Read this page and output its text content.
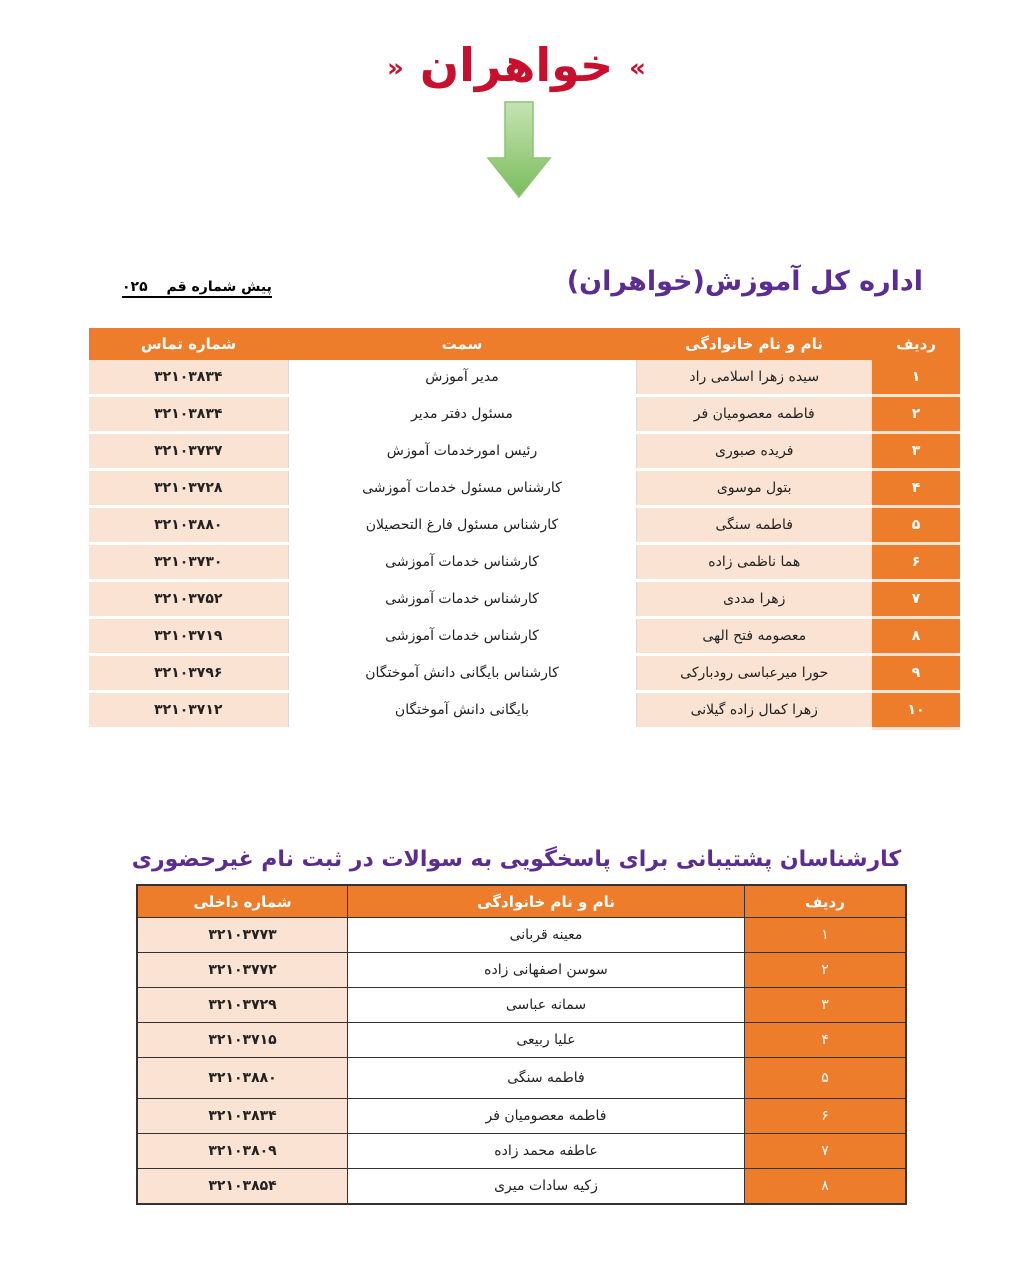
» خواهران «
اداره کل آموزش(خواهران)
پیش شماره قم ۰۲۵
ردیف	نام و نام خانوادگی	سمت	شماره تماس
۱	سیده زهرا اسلامی راد	مدیر آموزش	۳۲۱۰۳۸۳۴
۲	فاطمه معصومیان فر	مسئول دفتر مدیر	۳۲۱۰۳۸۳۴
۳	فریده صبوری	رئیس امورخدمات آموزش	۳۲۱۰۳۷۳۷
۴	بتول موسوی	کارشناس مسئول خدمات آموزشی	۳۲۱۰۳۷۲۸
۵	فاطمه سنگی	کارشناس مسئول فارغ التحصیلان	۳۲۱۰۳۸۸۰
۶	هما ناظمی زاده	کارشناس خدمات آموزشی	۳۲۱۰۳۷۳۰
۷	زهرا مددی	کارشناس خدمات آموزشی	۳۲۱۰۳۷۵۲
۸	معصومه فتح الهی	کارشناس خدمات آموزشی	۳۲۱۰۳۷۱۹
۹	حورا میرعباسی رودبارکی	کارشناس بایگانی دانش آموختگان	۳۲۱۰۳۷۹۶
۱۰	زهرا کمال زاده گیلانی	بایگانی دانش آموختگان	۳۲۱۰۳۷۱۲
کارشناسان پشتیبانی برای پاسخگویی به سوالات در ثبت نام غیرحضوری
ردیف	نام و نام خانوادگی	شماره داخلی
۱	معینه قربانی	۳۲۱۰۳۷۷۳
۲	سوسن اصفهانی زاده	۳۲۱۰۳۷۷۲
۳	سمانه عباسی	۳۲۱۰۳۷۲۹
۴	علیا ربیعی	۳۲۱۰۳۷۱۵
۵	فاطمه سنگی	۳۲۱۰۳۸۸۰
۶	فاطمه معصومیان فر	۳۲۱۰۳۸۳۴
۷	عاطفه محمد زاده	۳۲۱۰۳۸۰۹
۸	زکیه سادات میری	۳۲۱۰۳۸۵۴
